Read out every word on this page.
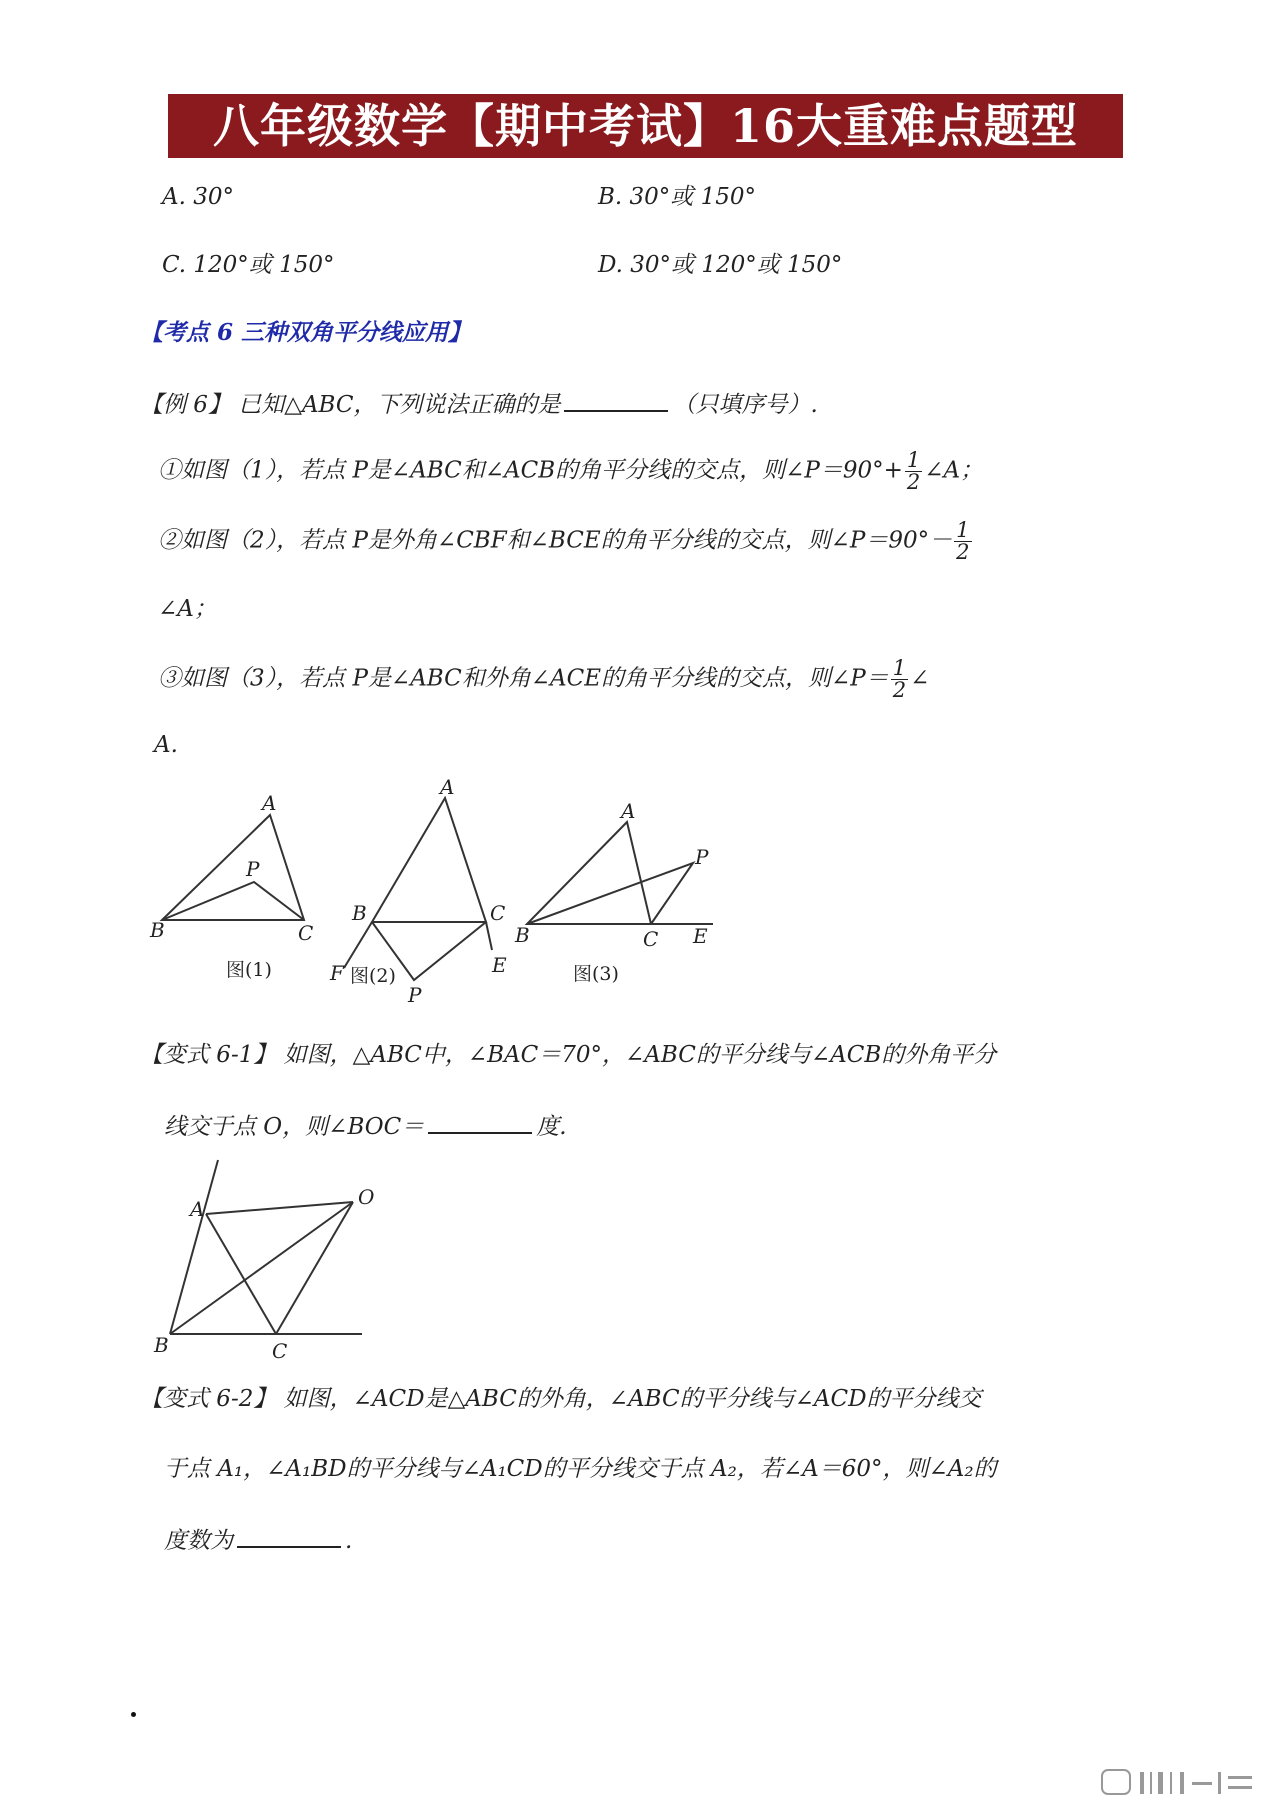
八年级数学【期中考试】16大重难点题型
A. 30°	B. 30°或 150°
C. 120°或 150°	D. 30°或 120°或 150°
【考点 6 三种双角平分线应用】
【例 6】 已知△ABC，下列说法正确的是	（只填序号）.
①如图（1），若点 P是∠ABC和∠ACB的角平分线的交点，则∠P＝90°+ $\frac{1}{2}$ ∠A；
②如图（2），若点 P是外角∠CBF和∠BCE的角平分线的交点，则∠P＝90°－ $\frac{1}{2}$
∠A；
③如图（3），若点 P是∠ABC和外角∠ACE的角平分线的交点，则∠P＝ $\frac{1}{2}$ ∠
A.
A
B	C
P
图(1)
A
B	C
F	E
P
图(2)
A
B	C E
P
图(3)
【变式 6-1】 如图，△ABC中，∠BAC＝70°，∠ABC的平分线与∠ACB的外角平分
线交于点 O，则∠BOC＝	度.
A
B	C
O
【变式 6-2】 如图，∠ACD是△ABC的外角，∠ABC的平分线与∠ACD的平分线交
于点 A₁，∠A₁BD的平分线与∠A₁CD的平分线交于点 A₂，若∠A＝60°，则∠A₂的
度数为	.
